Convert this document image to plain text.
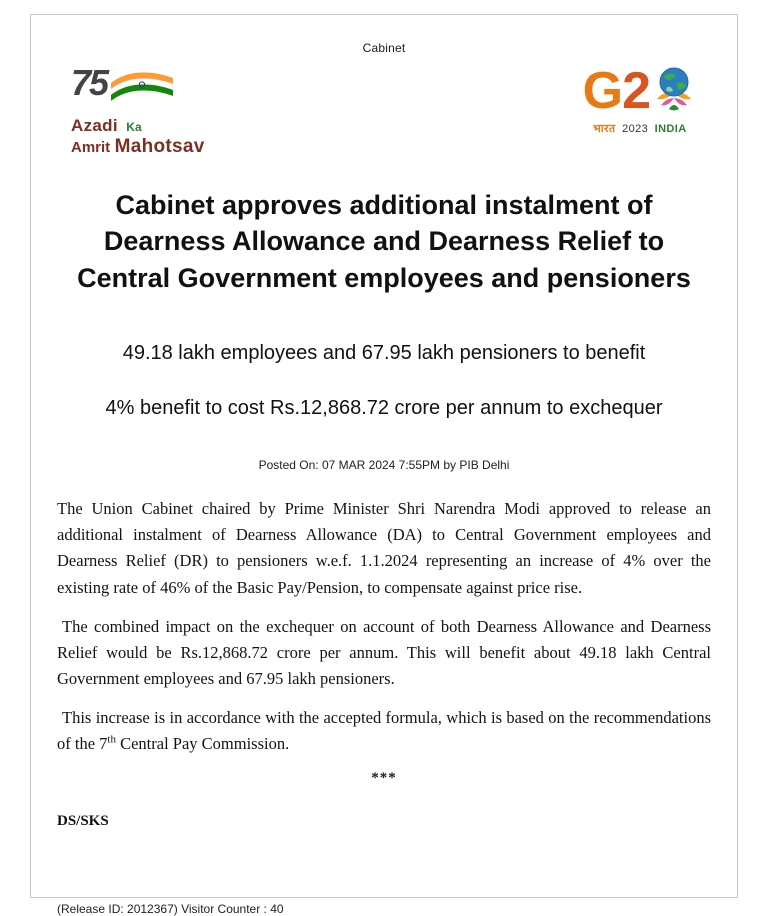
Cabinet
75
Azadi Ka
Amrit Mahotsav
G 2
भारत 2023 INDIA
Cabinet approves additional instalment of Dearness Allowance and Dearness Relief to Central Government employees and pensioners
49.18 lakh employees and 67.95 lakh pensioners to benefit
4% benefit to cost Rs.12,868.72 crore per annum to exchequer
Posted On: 07 MAR 2024 7:55PM by PIB Delhi

The Union Cabinet chaired by Prime Minister Shri Narendra Modi approved to release an additional instalment of Dearness Allowance (DA) to Central Government employees and Dearness Relief (DR) to pensioners w.e.f. 1.1.2024 representing an increase of 4% over the existing rate of 46% of the Basic Pay/Pension, to compensate against price rise.

The combined impact on the exchequer on account of both Dearness Allowance and Dearness Relief would be Rs.12,868.72 crore per annum. This will benefit about 49.18 lakh Central Government employees and 67.95 lakh pensioners.

This increase is in accordance with the accepted formula, which is based on the recommendations of the 7th Central Pay Commission.

***
DS/SKS
(Release ID: 2012367) Visitor Counter : 40
